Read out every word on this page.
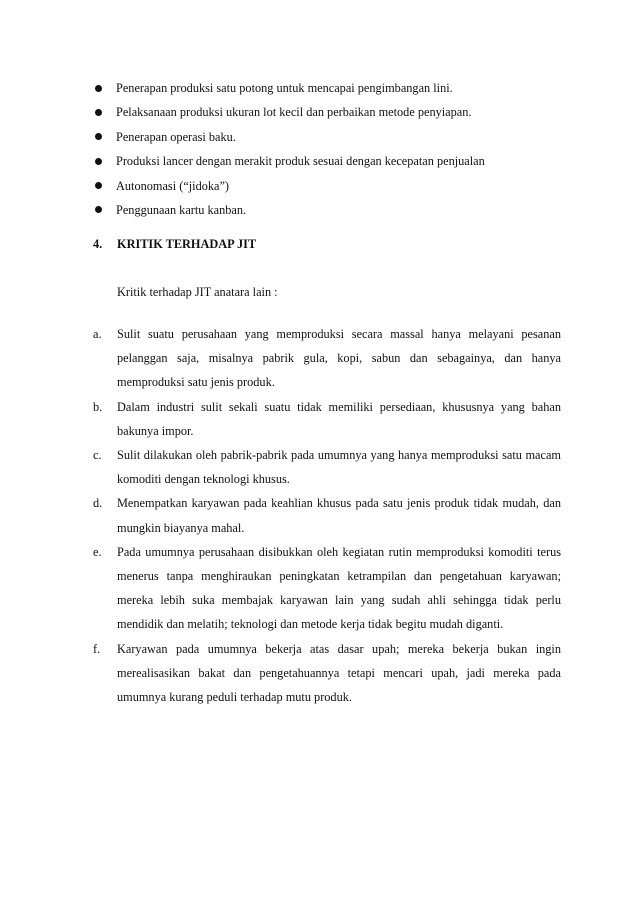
Penerapan produksi satu potong untuk mencapai pengimbangan lini.
Pelaksanaan produksi ukuran lot kecil dan perbaikan metode penyiapan.
Penerapan operasi baku.
Produksi lancer dengan merakit produk sesuai dengan kecepatan penjualan
Autonomasi (“jidoka”)
Penggunaan kartu kanban.
4. KRITIK TERHADAP JIT
Kritik terhadap JIT anatara lain :
a. Sulit suatu perusahaan yang memproduksi secara massal hanya melayani pesanan pelanggan saja, misalnya pabrik gula, kopi, sabun dan sebagainya, dan hanya memproduksi satu jenis produk.
b. Dalam industri sulit sekali suatu tidak memiliki persediaan, khususnya yang bahan bakunya impor.
c. Sulit dilakukan oleh pabrik-pabrik pada umumnya yang hanya memproduksi satu macam komoditi dengan teknologi khusus.
d. Menempatkan karyawan pada keahlian khusus pada satu jenis produk tidak mudah, dan mungkin biayanya mahal.
e. Pada umumnya perusahaan disibukkan oleh kegiatan rutin memproduksi komoditi terus menerus tanpa menghiraukan peningkatan ketrampilan dan pengetahuan karyawan; mereka lebih suka membajak karyawan lain yang sudah ahli sehingga tidak perlu mendidik dan melatih; teknologi dan metode kerja tidak begitu mudah diganti.
f. Karyawan pada umumnya bekerja atas dasar upah; mereka bekerja bukan ingin merealisasikan bakat dan pengetahuannya tetapi mencari upah, jadi mereka pada umumnya kurang peduli terhadap mutu produk.
